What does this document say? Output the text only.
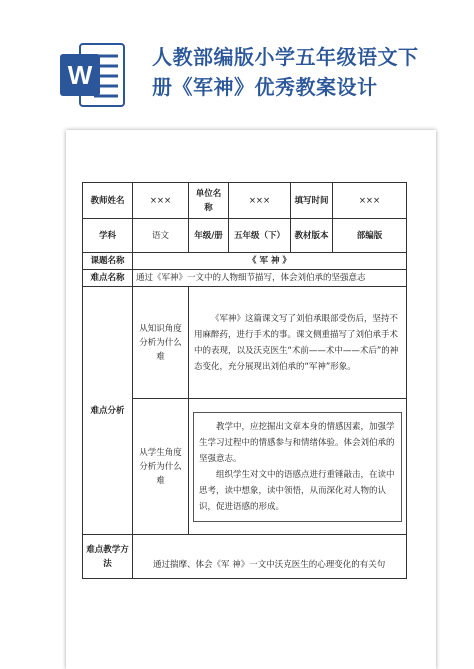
W
人教部编版小学五年级语文下
册《军神》优秀教案设计
教师姓名	×××	单位名称	×××	填写时间	×××
学科	语文	年级/册	五年级（下）	教材版本	部编版
课题名称	《 军 神 》				
难点名称	通过《军神》一文中的人物细节描写，体会刘伯承的坚强意志				
难点分析	从知识角度分析为什么难	《军神》这篇课文写了刘伯承眼部受伤后，坚持不用麻醉药，进行手术的事。课文侧重描写了刘伯承手术中的表现，以及沃克医生“术前——术中——术后”的神态变化，充分展现出刘伯承的“军神”形象。			

	从学生角度分析为什么难	教学中，应挖掘出文章本身的情感因素，加强学生学习过程中的情感参与和情绪体验。体会刘伯承的坚强意志。
组织学生对文中的语感点进行重锤敲击，在读中思考，读中想象，读中领悟，从而深化对人物的认识，促进语感的形成。			

难点教学方法	通过揣摩、体会《军 神》一文中沃克医生的心理变化的有关句				
